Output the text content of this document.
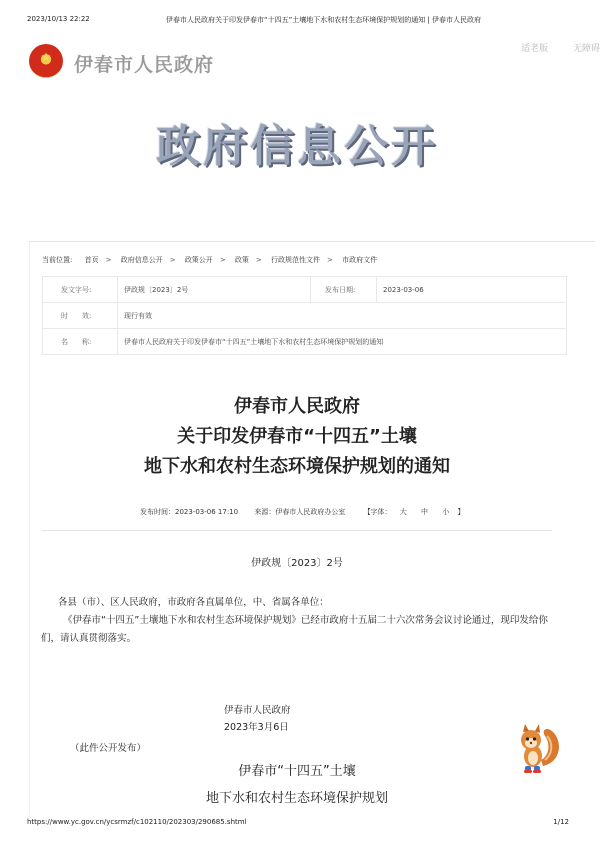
2023/10/13 22:22	伊春市人民政府关于印发伊春市“十四五”土壤地下水和农村生态环境保护规划的通知 | 伊春市人民政府
★	伊春市人民政府
适老版	无障碍
政府信息公开
当前位置: 首页 > 政府信息公开 > 政策公开 > 政策 > 行政规范性文件 > 市政府文件
发文字号:	伊政规〔2023〕2号	发布日期:	2023-03-06
时　　效:	现行有效		
名　　称:	伊春市人民政府关于印发伊春市“十四五”土壤地下水和农村生态环境保护规划的通知		
伊春市人民政府
关于印发伊春市“十四五”土壤
地下水和农村生态环境保护规划的通知
发布时间：2023-03-06 17:10 来源：伊春市人民政府办公室	【字体： 大 中 小 】
伊政规〔2023〕2号
各县（市）、区人民政府，市政府各直属单位，中、省属各单位：
《伊春市“十四五”土壤地下水和农村生态环境保护规划》已经市政府十五届二十六次常务会议讨论通过，现印发给你们，请认真贯彻落实。
伊春市人民政府
2023年3月6日
（此件公开发布）
伊春市“十四五”土壤
地下水和农村生态环境保护规划
https://www.yc.gov.cn/ycsrmzf/c102110/202303/290685.shtml	1/12
